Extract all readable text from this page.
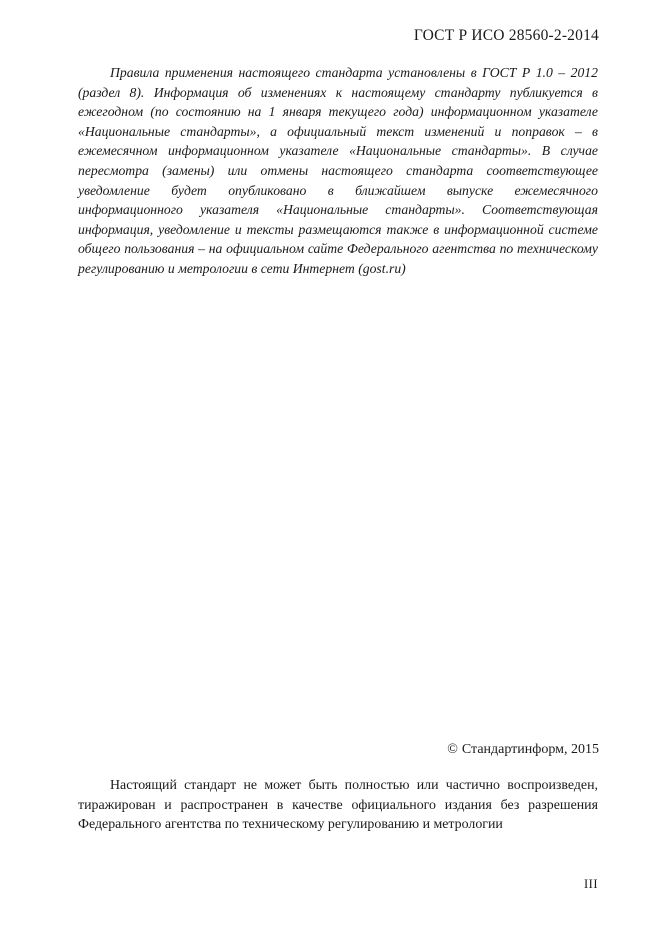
ГОСТ Р ИСО 28560-2-2014

Правила применения настоящего стандарта установлены в ГОСТ Р 1.0 – 2012 (раздел 8). Информация об изменениях к настоящему стандарту публикуется в ежегодном (по состоянию на 1 января текущего года) информационном указателе «Национальные стандарты», а официальный текст изменений и поправок – в ежемесячном информационном указателе «Национальные стандарты». В случае пересмотра (замены) или отмены настоящего стандарта соответствующее уведомление будет опубликовано в ближайшем выпуске ежемесячного информационного указателя «Национальные стандарты». Соответствующая информация, уведомление и тексты размещаются также в информационной системе общего пользования – на официальном сайте Федерального агентства по техническому регулированию и метрологии в сети Интернет (gost.ru)

© Стандартинформ, 2015

Настоящий стандарт не может быть полностью или частично воспроизведен, тиражирован и распространен в качестве официального издания без разрешения Федерального агентства по техническому регулированию и метрологии

III
